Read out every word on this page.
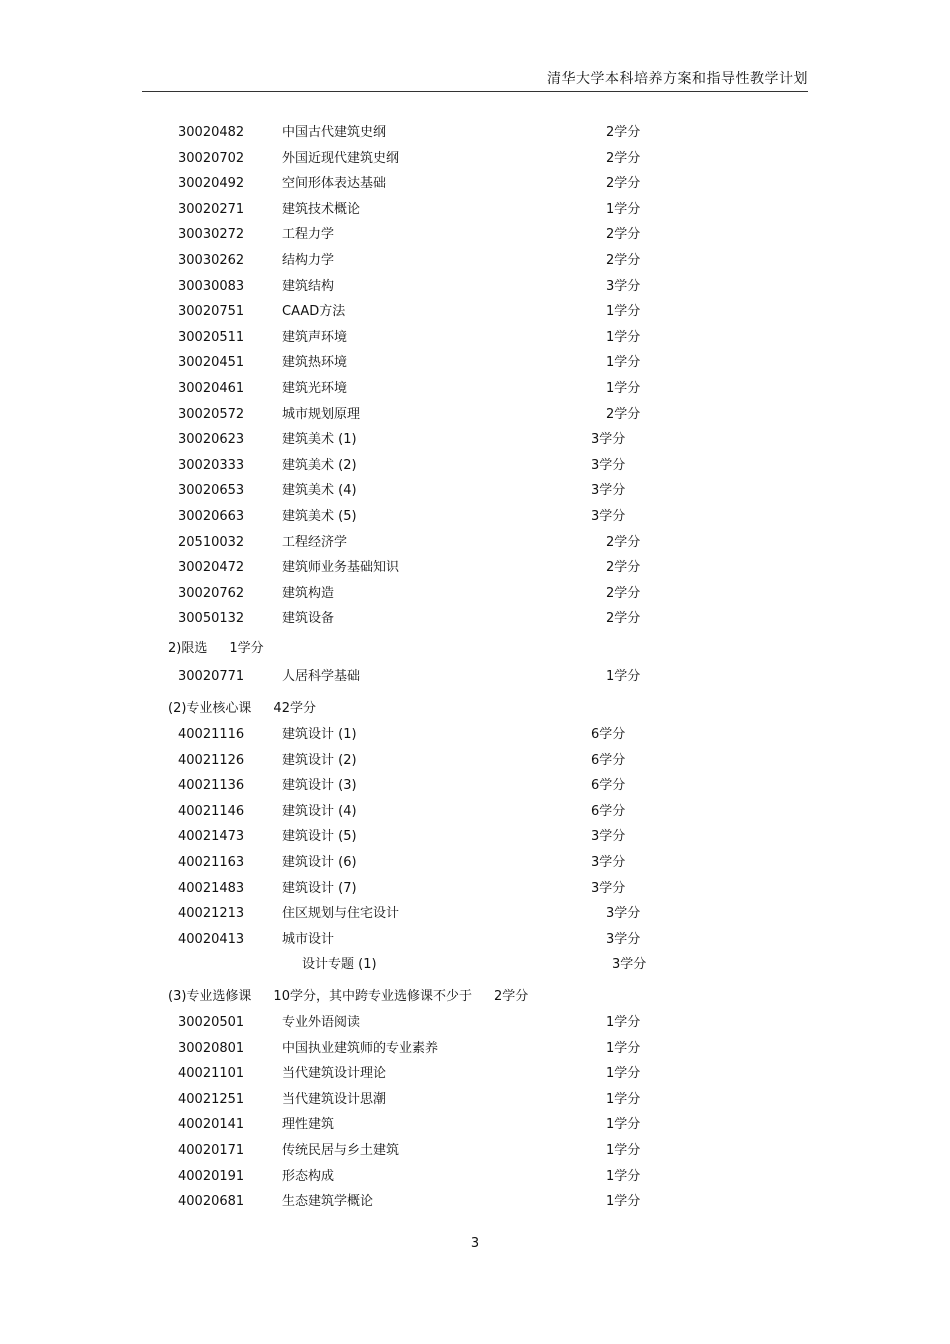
清华大学本科培养方案和指导性教学计划
30020482	中国古代建筑史纲	2学分
30020702	外国近现代建筑史纲	2学分
30020492	空间形体表达基础	2学分
30020271	建筑技术概论	1学分
30030272	工程力学	2学分
30030262	结构力学	2学分
30030083	建筑结构	3学分
30020751	CAAD方法	1学分
30020511	建筑声环境	1学分
30020451	建筑热环境	1学分
30020461	建筑光环境	1学分
30020572	城市规划原理	2学分
30020623	建筑美术 (1)	3学分
30020333	建筑美术 (2)	3学分
30020653	建筑美术 (4)	3学分
30020663	建筑美术 (5)	3学分
20510032	工程经济学	2学分
30020472	建筑师业务基础知识	2学分
30020762	建筑构造	2学分
30050132	建筑设备	2学分
2)限选 1学分
30020771	人居科学基础	1学分
(2)专业核心课 42学分
40021116	建筑设计 (1)	6学分
40021126	建筑设计 (2)	6学分
40021136	建筑设计 (3)	6学分
40021146	建筑设计 (4)	6学分
40021473	建筑设计 (5)	3学分
40021163	建筑设计 (6)	3学分
40021483	建筑设计 (7)	3学分
40021213	住区规划与住宅设计	3学分
40020413	城市设计	3学分
设计专题 (1)	3学分
(3)专业选修课 10学分，其中跨专业选修课不少于 2学分
30020501	专业外语阅读	1学分
30020801	中国执业建筑师的专业素养	1学分
40021101	当代建筑设计理论	1学分
40021251	当代建筑设计思潮	1学分
40020141	理性建筑	1学分
40020171	传统民居与乡土建筑	1学分
40020191	形态构成	1学分
40020681	生态建筑学概论	1学分
3
